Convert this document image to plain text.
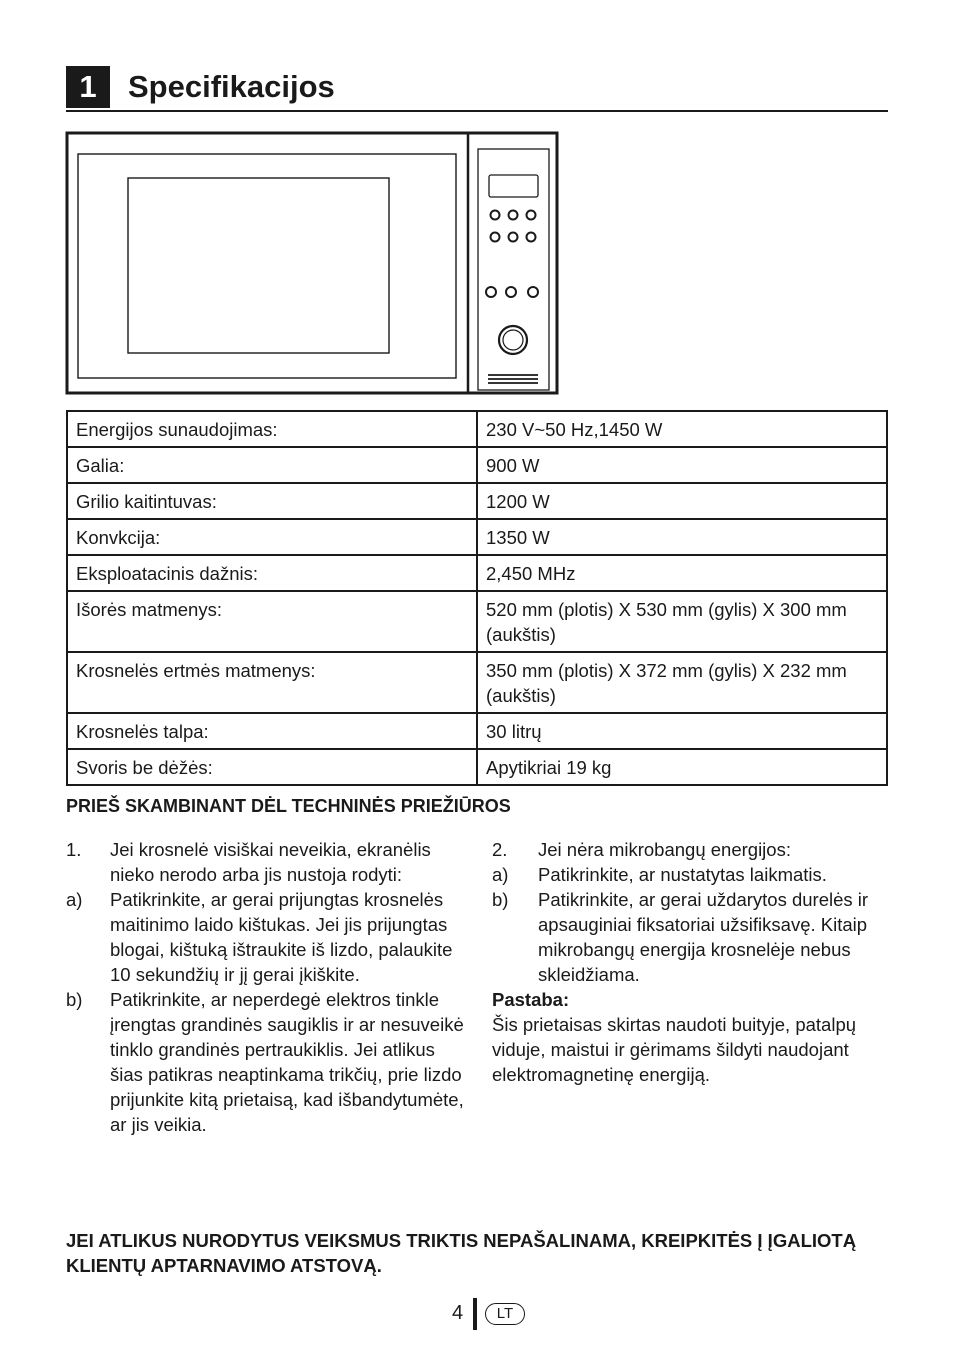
1	Specifikacijos
Energijos sunaudojimas:	230 V~50 Hz,1450 W
Galia:	900 W
Grilio kaitintuvas:	1200 W
Konvkcija:	1350 W
Eksploatacinis dažnis:	2,450 MHz
Išorės matmenys:	520 mm (plotis) X 530 mm (gylis) X 300 mm (aukštis)
Krosnelės ertmės matmenys:	350 mm (plotis) X 372 mm (gylis) X 232 mm (aukštis)
Krosnelės talpa:	30 litrų
Svoris be dėžės:	Apytikriai 19 kg
PRIEŠ SKAMBINANT DĖL TECHNINĖS PRIEŽIŪROS
1. Jei krosnelė visiškai neveikia, ekranėlis nieko nerodo arba jis nustoja rodyti:
a) Patikrinkite, ar gerai prijungtas krosnelės maitinimo laido kištukas. Jei jis prijungtas blogai, kištuką ištraukite iš lizdo, palaukite 10 sekundžių ir jį gerai įkiškite.
b) Patikrinkite, ar neperdegė elektros tinkle įrengtas grandinės saugiklis ir ar nesuveikė tinklo grandinės pertraukiklis. Jei atlikus šias patikras neaptinkama trikčių, prie lizdo prijunkite kitą prietaisą, kad išbandytumėte, ar jis veikia.
2. Jei nėra mikrobangų energijos:
a) Patikrinkite, ar nustatytas laikmatis.
b) Patikrinkite, ar gerai uždarytos durelės ir apsauginiai fiksatoriai užsifiksavę. Kitaip mikrobangų energija krosnelėje nebus skleidžiama.
Pastaba:
Šis prietaisas skirtas naudoti buityje, patalpų viduje, maistui ir gėrimams šildyti naudojant elektromagnetinę energiją.
JEI ATLIKUS NURODYTUS VEIKSMUS TRIKTIS NEPAŠALINAMA, KREIPKITĖS Į ĮGALIOTĄ KLIENTŲ APTARNAVIMO ATSTOVĄ.
4	LT
